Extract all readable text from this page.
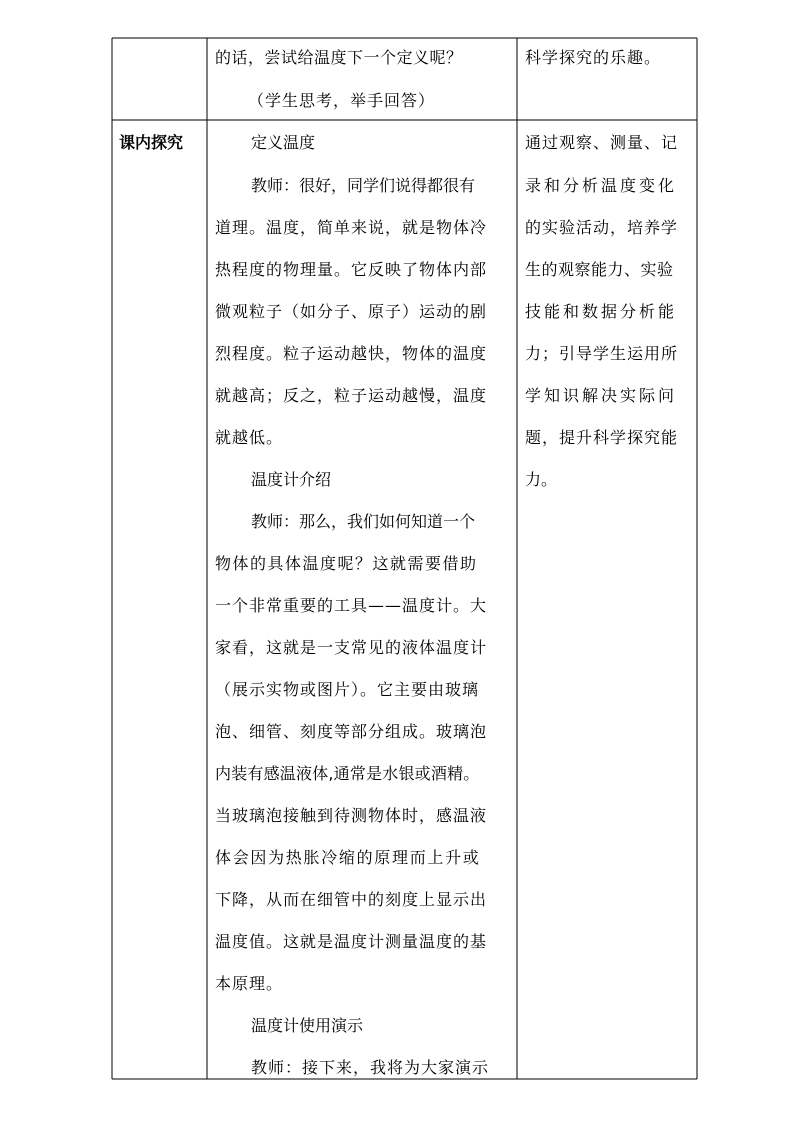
的话，尝试给温度下一个定义呢？
（学生思考，举手回答）
科学探究的乐趣。
课内探究	定义温度
教师：很好，同学们说得都很有
道理。温度，简单来说，就是物体冷
热程度的物理量。它反映了物体内部
微观粒子（如分子、原子）运动的剧
烈程度。粒子运动越快，物体的温度
就越高；反之，粒子运动越慢，温度
就越低。
温度计介绍
教师：那么，我们如何知道一个
物体的具体温度呢？这就需要借助
一个非常重要的工具——温度计。大
家看，这就是一支常见的液体温度计
（展示实物或图片）。它主要由玻璃
泡、细管、刻度等部分组成。玻璃泡
内装有感温液体,通常是水银或酒精。
当玻璃泡接触到待测物体时，感温液
体会因为热胀冷缩的原理而上升或
下降，从而在细管中的刻度上显示出
温度值。这就是温度计测量温度的基
本原理。
温度计使用演示
教师：接下来，我将为大家演示
通过观察、测量、记
录和分析温度变化
的实验活动，培养学
生的观察能力、实验
技能和数据分析能
力；引导学生运用所
学知识解决实际问
题，提升科学探究能
力。
